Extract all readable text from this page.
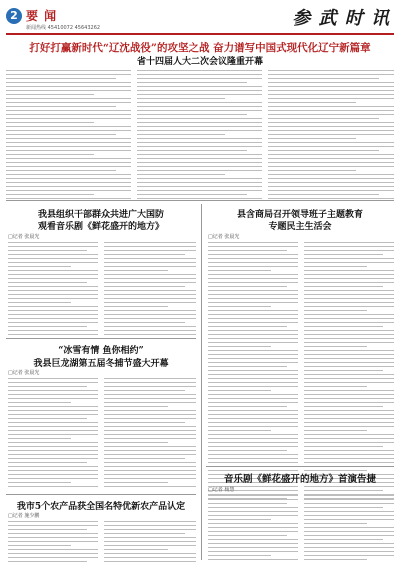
2 要 闻
新闻热线 45410072 45643262	参 武 时 讯
打好打赢新时代“辽沈战役”的攻坚之战 奋力谱写中国式现代化辽宁新篇章
省十四届人大二次会议隆重开幕
我县组织干部群众共进广大国防
观看音乐剧《鲜花盛开的地方》
□记者 张晨光
县含商局召开领导班子主题教育
专题民主生活会
□记者 张晨光
“冰雪有情 鱼你相约”
我县巨龙湖第五届冬捕节盛大开幕
□记者 张晨光
我市5个农产品获全国名特优新农产品认定
□记者 施少鹏
音乐剧《鲜花盛开的地方》首演告捷
□记者 杨慧
